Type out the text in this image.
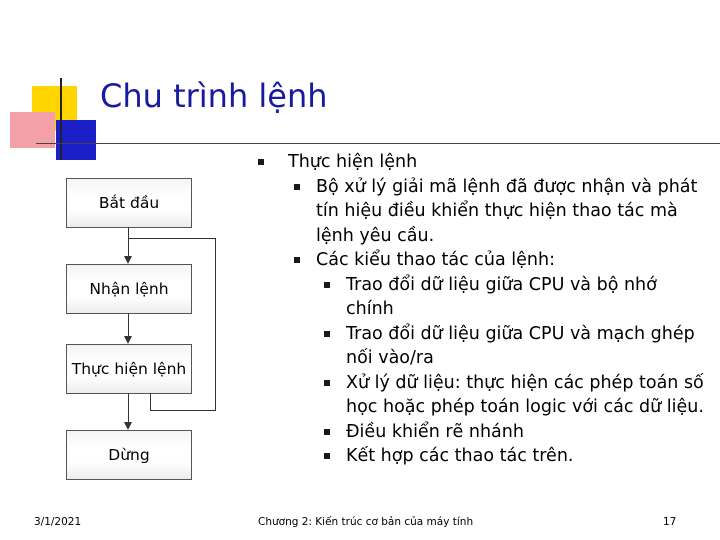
Chu trình lệnh
Bắt đầu
Nhận lệnh
Thực hiện lệnh
Dừng
Thực hiện lệnh
Bộ xử lý giải mã lệnh đã được nhận và phát tín hiệu điều khiển thực hiện thao tác mà lệnh yêu cầu.
Các kiểu thao tác của lệnh:
Trao đổi dữ liệu giữa CPU và bộ nhớ chính
Trao đổi dữ liệu giữa CPU và mạch ghép nối vào/ra
Xử lý dữ liệu: thực hiện các phép toán số học hoặc phép toán logic với các dữ liệu.
Điều khiển rẽ nhánh
Kết hợp các thao tác trên.
3/1/2021	Chương 2: Kiến trúc cơ bản của máy tính	17
